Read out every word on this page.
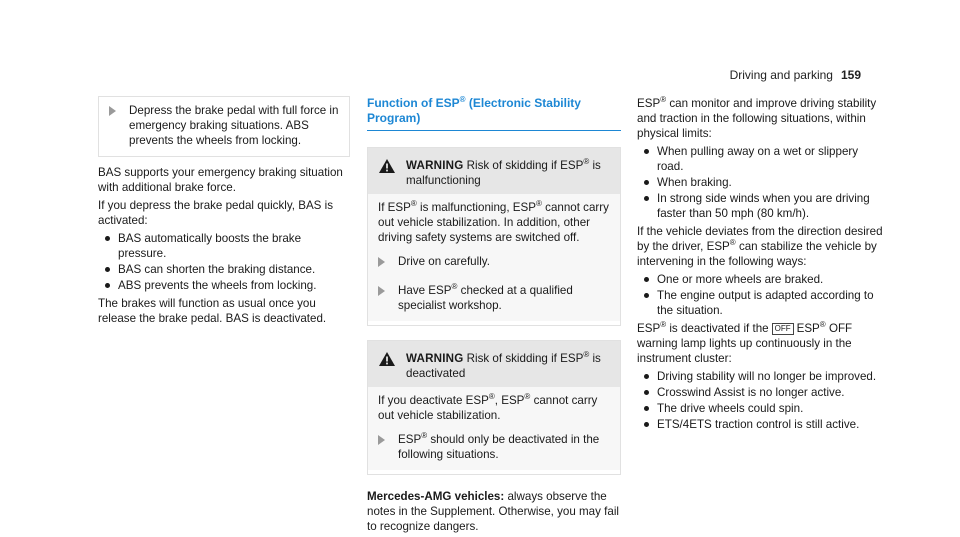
Driving and parking 159
Depress the brake pedal with full force in emergency braking situations. ABS prevents the wheels from locking.

BAS supports your emergency braking situation with additional brake force.

If you depress the brake pedal quickly, BAS is activated:

BAS automatically boosts the brake pressure.
BAS can shorten the braking distance.
ABS prevents the wheels from locking.

The brakes will function as usual once you release the brake pedal. BAS is deactivated.

Function of ESP® (Electronic Stability Program)
WARNING Risk of skidding if ESP® is malfunctioning

If ESP® is malfunctioning, ESP® cannot carry out vehicle stabilization. In addition, other driving safety systems are switched off.

Drive on carefully.
Have ESP® checked at a qualified specialist workshop.
WARNING Risk of skidding if ESP® is deactivated

If you deactivate ESP®, ESP® cannot carry out vehicle stabilization.

ESP® should only be deactivated in the following situations.

Mercedes-AMG vehicles: always observe the notes in the Supplement. Otherwise, you may fail to recognize dangers.

ESP® can monitor and improve driving stability and traction in the following situations, within physical limits:

When pulling away on a wet or slippery road.
When braking.
In strong side winds when you are driving faster than 50 mph (80 km/h).

If the vehicle deviates from the direction desired by the driver, ESP® can stabilize the vehicle by intervening in the following ways:

One or more wheels are braked.
The engine output is adapted according to the situation.

ESP® is deactivated if the OFF ESP® OFF warning lamp lights up continuously in the instrument cluster:

Driving stability will no longer be improved.
Crosswind Assist is no longer active.
The drive wheels could spin.
ETS/4ETS traction control is still active.
